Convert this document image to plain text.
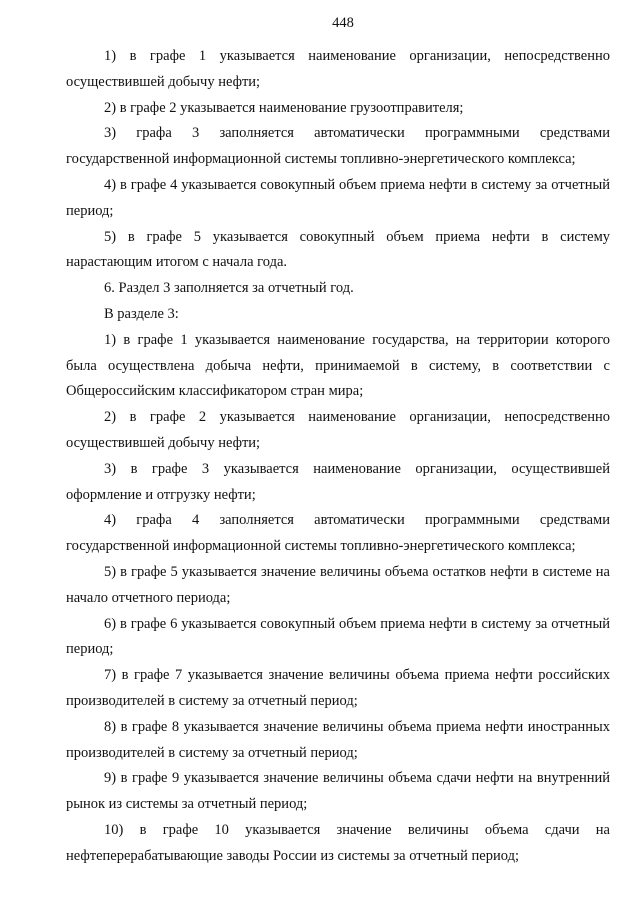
448

1) в графе 1 указывается наименование организации, непосредственно осуществившей добычу нефти;

2) в графе 2 указывается наименование грузоотправителя;

3) графа 3 заполняется автоматически программными средствами государственной информационной системы топливно-энергетического комплекса;

4) в графе 4 указывается совокупный объем приема нефти в систему за отчетный период;

5) в графе 5 указывается совокупный объем приема нефти в систему нарастающим итогом с начала года.

6. Раздел 3 заполняется за отчетный год.

В разделе 3:

1) в графе 1 указывается наименование государства, на территории которого была осуществлена добыча нефти, принимаемой в систему, в соответствии с Общероссийским классификатором стран мира;

2) в графе 2 указывается наименование организации, непосредственно осуществившей добычу нефти;

3) в графе 3 указывается наименование организации, осуществившей оформление и отгрузку нефти;

4) графа 4 заполняется автоматически программными средствами государственной информационной системы топливно-энергетического комплекса;

5) в графе 5 указывается значение величины объема остатков нефти в системе на начало отчетного периода;

6) в графе 6 указывается совокупный объем приема нефти в систему за отчетный период;

7) в графе 7 указывается значение величины объема приема нефти российских производителей в систему за отчетный период;

8) в графе 8 указывается значение величины объема приема нефти иностранных производителей в систему за отчетный период;

9) в графе 9 указывается значение величины объема сдачи нефти на внутренний рынок из системы за отчетный период;

10) в графе 10 указывается значение величины объема сдачи на нефтеперерабатывающие заводы России из системы за отчетный период;
